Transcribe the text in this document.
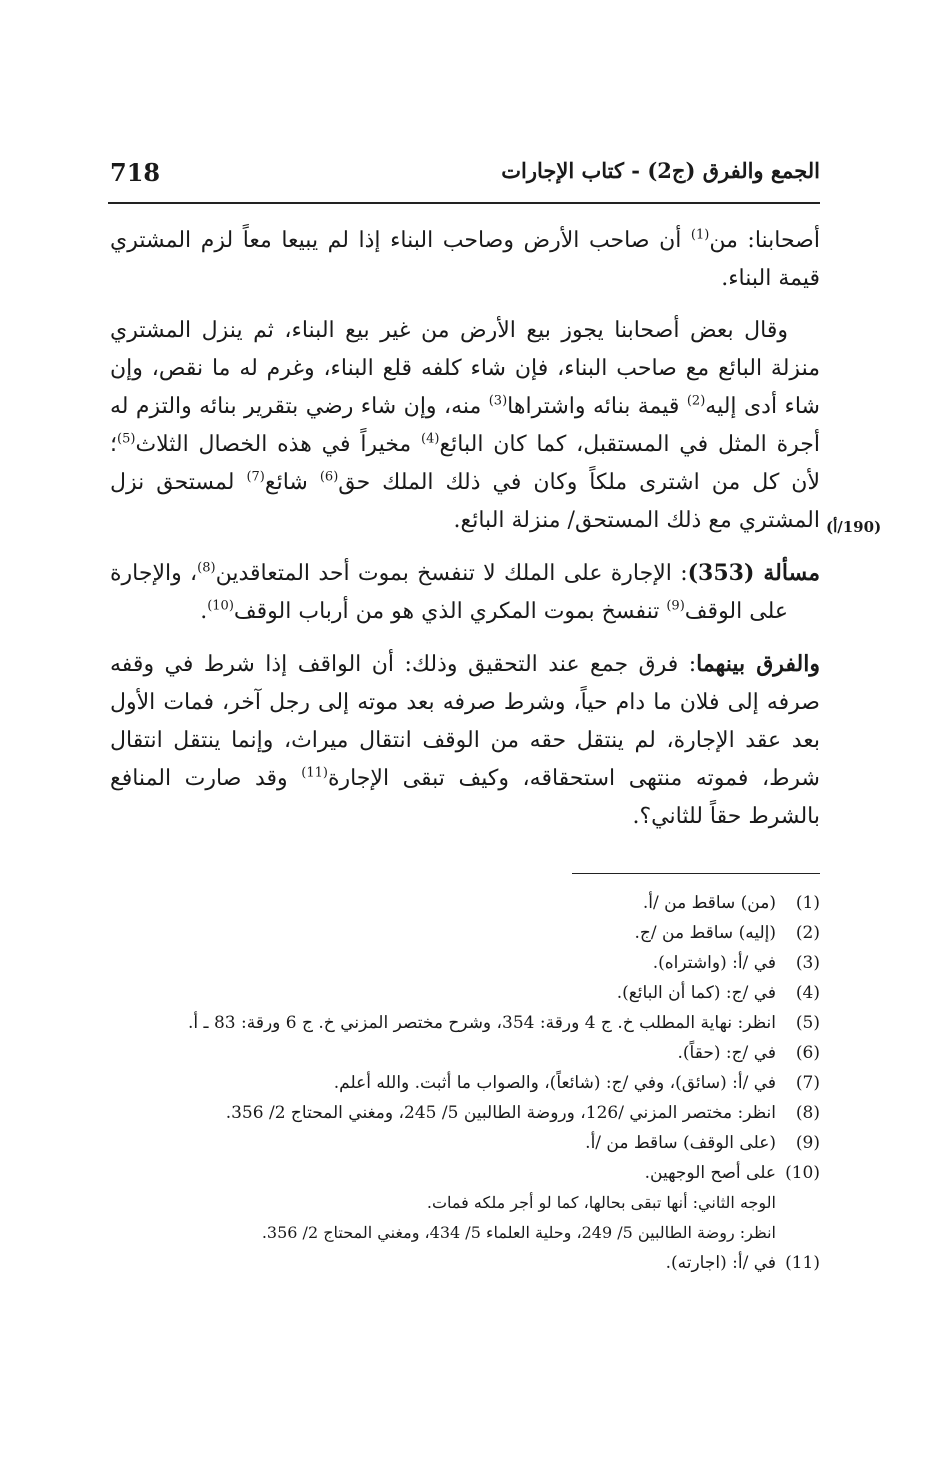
718	الجمع والفرق (ج2) - كتاب الإجارات

أصحابنا: من$^{(1)}$ أن صاحب الأرض وصاحب البناء إذا لم يبيعا معاً لزم المشتري قيمة البناء.

وقال بعض أصحابنا يجوز بيع الأرض من غير بيع البناء، ثم ينزل المشتري منزلة البائع مع صاحب البناء، فإن شاء كلفه قلع البناء، وغرم له ما نقص، وإن شاء أدى إليه$^{(2)}$ قيمة بنائه واشتراها$^{(3)}$ منه، وإن شاء رضي بتقرير بنائه والتزم له أجرة المثل في المستقبل، كما كان البائع$^{(4)}$ مخيراً في هذه الخصال الثلاث$^{(5)}$؛ لأن كل من اشترى ملكاً وكان في ذلك الملك حق$^{(6)}$ شائع$^{(7)}$ لمستحق نزل المشتري مع ذلك المستحق/ منزلة البائع.

مسألة (353): الإجارة على الملك لا تنفسخ بموت أحد المتعاقدين$^{(8)}$، والإجارة على الوقف$^{(9)}$ تنفسخ بموت المكري الذي هو من أرباب الوقف$^{(10)}$.

والفرق بينهما: فرق جمع عند التحقيق وذلك: أن الواقف إذا شرط في وقفه صرفه إلى فلان ما دام حياً، وشرط صرفه بعد موته إلى رجل آخر، فمات الأول بعد عقد الإجارة، لم ينتقل حقه من الوقف انتقال ميراث، وإنما ينتقل انتقال شرط، فموته منتهى استحقاقه، وكيف تبقى الإجارة$^{(11)}$ وقد صارت المنافع بالشرط حقاً للثاني؟.

(190/أ)
(1)
(من) ساقط من /أ.
(2)
(إليه) ساقط من /ج.
(3)
في /أ: (واشتراه).
(4)
في /ج: (كما أن البائع).
(5)
انظر: نهاية المطلب خ. ج 4 ورقة: 354، وشرح مختصر المزني خ. ج 6 ورقة: 83 ـ أ.
(6)
في /ج: (حقاً).
(7)
في /أ: (سائق)، وفي /ج: (شائعاً)، والصواب ما أثبت. والله أعلم.
(8)
انظر: مختصر المزني /126، وروضة الطالبين 5/ 245، ومغني المحتاج 2/ 356.
(9)
(على الوقف) ساقط من /أ.
(10)
على أصح الوجهين.
الوجه الثاني: أنها تبقى بحالها، كما لو أجر ملكه فمات.
انظر: روضة الطالبين 5/ 249، وحلية العلماء 5/ 434، ومغني المحتاج 2/ 356.
(11)
في /أ: (اجارته).
